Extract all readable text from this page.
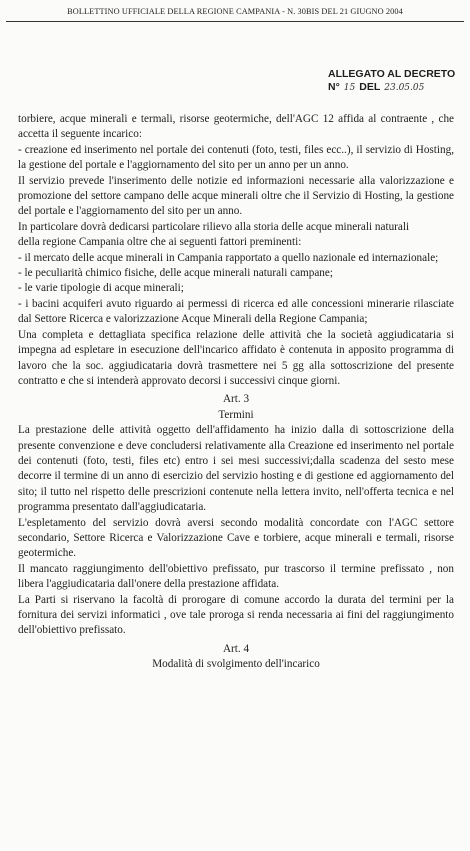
BOLLETTINO UFFICIALE DELLA REGIONE CAMPANIA - N. 30BIS DEL 21 GIUGNO 2004
ALLEGATO AL DECRETO
N° 15 DEL 23.05.05

torbiere, acque minerali e termali, risorse geotermiche, dell'AGC 12 affida al contraente , che accetta il seguente incarico:

- creazione ed inserimento nel portale dei contenuti (foto, testi, files ecc..), il servizio di Hosting, la gestione del portale e l'aggiornamento del sito per un anno per un anno.

Il servizio prevede l'inserimento delle notizie ed informazioni necessarie alla valorizzazione e promozione del settore campano delle acque minerali oltre che il Servizio di Hosting, la gestione del portale e l'aggiornamento del sito per un anno.

In particolare dovrà dedicarsi particolare rilievo alla storia delle acque minerali naturali

della regione Campania oltre che ai seguenti fattori preminenti:

- il mercato delle acque minerali in Campania rapportato a quello nazionale ed internazionale;

- le peculiarità chimico fisiche, delle acque minerali naturali campane;

- le varie tipologie di acque minerali;

- i bacini acquiferi avuto riguardo ai permessi di ricerca ed alle concessioni minerarie rilasciate dal Settore Ricerca e valorizzazione Acque Minerali della Regione Campania;

Una completa e dettagliata specifica relazione delle attività che la società aggiudicataria si impegna ad espletare in esecuzione dell'incarico affidato è contenuta in apposito programma di lavoro che la soc. aggiudicataria dovrà trasmettere nei 5 gg alla sottoscrizione del presente contratto e che si intenderà approvato decorsi i successivi cinque giorni.

Art. 3

Termini

La prestazione delle attività oggetto dell'affidamento ha inizio dalla di sottoscrizione della presente convenzione e deve concludersi relativamente alla Creazione ed inserimento nel portale dei contenuti (foto, testi, files etc) entro i sei mesi successivi;dalla scadenza del sesto mese decorre il termine di un anno di esercizio del servizio hosting e di gestione ed aggiornamento del sito; il tutto nel rispetto delle prescrizioni contenute nella lettera invito, nell'offerta tecnica e nel programma presentato dall'aggiudicataria.

L'espletamento del servizio dovrà aversi secondo modalità concordate con l'AGC settore secondario, Settore Ricerca e Valorizzazione Cave e torbiere, acque minerali e termali, risorse geotermiche.

Il mancato raggiungimento dell'obiettivo prefissato, pur trascorso il termine prefissato , non libera l'aggiudicataria dall'onere della prestazione affidata.

La Parti si riservano la facoltà di prorogare di comune accordo la durata del termini per la fornitura dei servizi informatici , ove tale proroga si renda necessaria ai fini del raggiungimento dell'obiettivo prefissato.

Art. 4

Modalità di svolgimento dell'incarico
